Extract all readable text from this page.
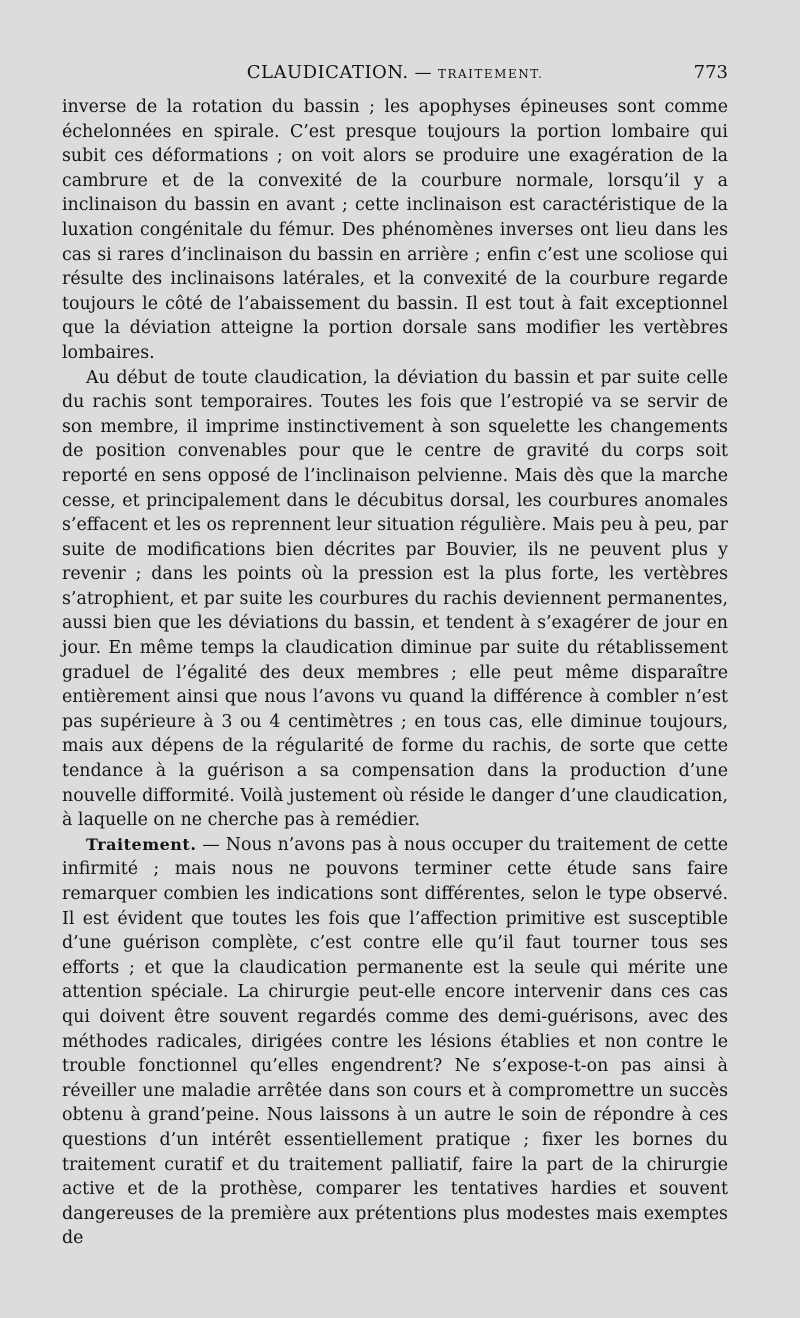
CLAUDICATION. — TRAITEMENT.	773

inverse de la rotation du bassin ; les apophyses épineuses sont comme échelonnées en spirale. C’est presque toujours la portion lombaire qui subit ces déformations ; on voit alors se produire une exagération de la cambrure et de la convexité de la courbure normale, lorsqu’il y a inclinaison du bassin en avant ; cette inclinaison est caractéristique de la luxation congénitale du fémur. Des phénomènes inverses ont lieu dans les cas si rares d’inclinaison du bassin en arrière ; enfin c’est une scoliose qui résulte des inclinaisons latérales, et la convexité de la courbure regarde toujours le côté de l’abaissement du bassin. Il est tout à fait exceptionnel que la déviation atteigne la portion dorsale sans modifier les vertèbres lombaires.

Au début de toute claudication, la déviation du bassin et par suite celle du rachis sont temporaires. Toutes les fois que l’estropié va se servir de son membre, il imprime instinctivement à son squelette les changements de position convenables pour que le centre de gravité du corps soit reporté en sens opposé de l’inclinaison pelvienne. Mais dès que la marche cesse, et principalement dans le décubitus dorsal, les courbures anomales s’effacent et les os reprennent leur situation régulière. Mais peu à peu, par suite de modifications bien décrites par Bouvier, ils ne peuvent plus y revenir ; dans les points où la pression est la plus forte, les vertèbres s’atrophient, et par suite les courbures du rachis deviennent permanentes, aussi bien que les déviations du bassin, et tendent à s’exagérer de jour en jour. En même temps la claudication diminue par suite du rétablissement graduel de l’égalité des deux membres ; elle peut même disparaître entièrement ainsi que nous l’avons vu quand la différence à combler n’est pas supérieure à 3 ou 4 centimètres ; en tous cas, elle diminue toujours, mais aux dépens de la régularité de forme du rachis, de sorte que cette tendance à la guérison a sa compensation dans la production d’une nouvelle difformité. Voilà justement où réside le danger d’une claudication, à laquelle on ne cherche pas à remédier.

Traitement. — Nous n’avons pas à nous occuper du traitement de cette infirmité ; mais nous ne pouvons terminer cette étude sans faire remarquer combien les indications sont différentes, selon le type observé. Il est évident que toutes les fois que l’affection primitive est susceptible d’une guérison complète, c’est contre elle qu’il faut tourner tous ses efforts ; et que la claudication permanente est la seule qui mérite une attention spéciale. La chirurgie peut-elle encore intervenir dans ces cas qui doivent être souvent regardés comme des demi-guérisons, avec des méthodes radicales, dirigées contre les lésions établies et non contre le trouble fonctionnel qu’elles engendrent? Ne s’expose-t-on pas ainsi à réveiller une maladie arrêtée dans son cours et à compromettre un succès obtenu à grand’peine. Nous laissons à un autre le soin de répondre à ces questions d’un intérêt essentiellement pratique ; fixer les bornes du traitement curatif et du traitement palliatif, faire la part de la chirurgie active et de la prothèse, comparer les tentatives hardies et souvent dangereuses de la première aux prétentions plus modestes mais exemptes de
